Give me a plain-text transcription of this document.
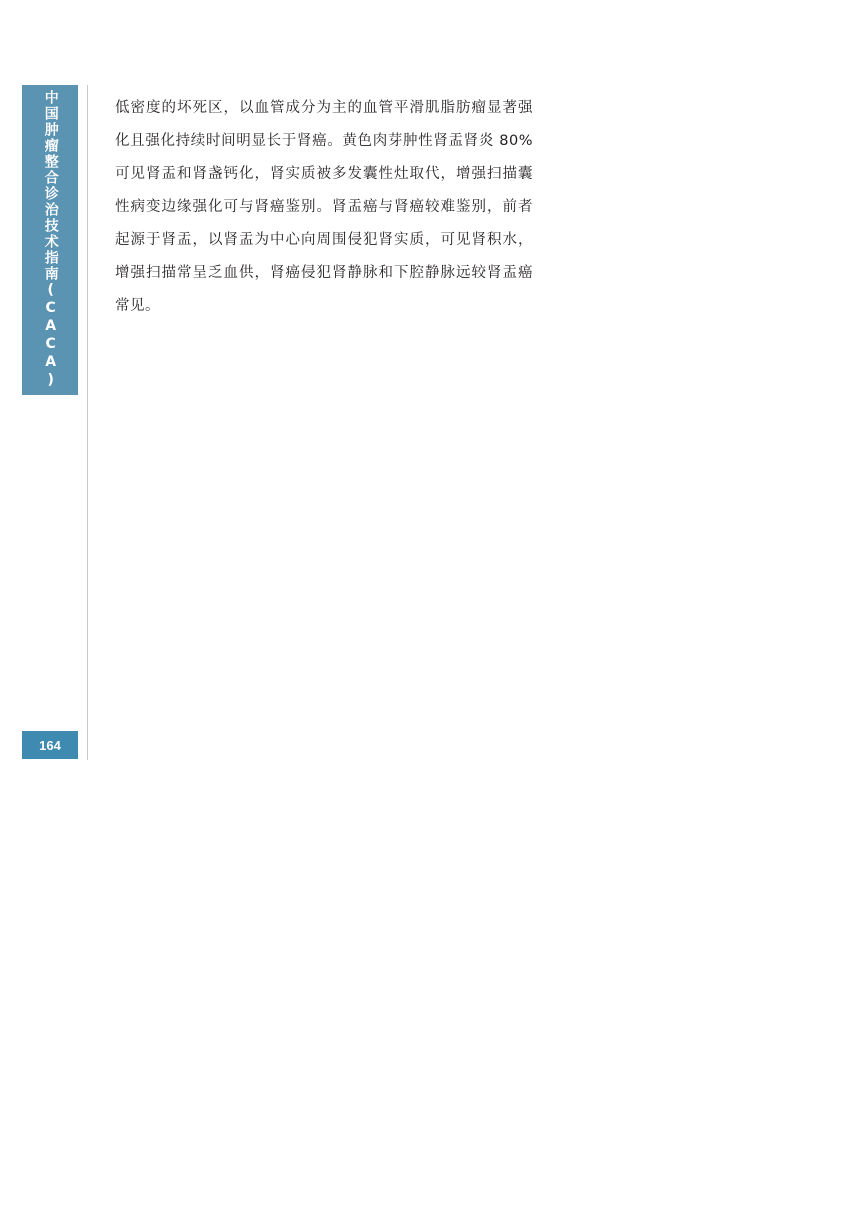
中国肿瘤整合诊治技术指南(CACA)
164

低密度的坏死区，以血管成分为主的血管平滑肌脂肪瘤显著强化且强化持续时间明显长于肾癌。黄色肉芽肿性肾盂肾炎 80% 可见肾盂和肾盏钙化，肾实质被多发囊性灶取代，增强扫描囊性病变边缘强化可与肾癌鉴别。肾盂癌与肾癌较难鉴别，前者起源于肾盂，以肾盂为中心向周围侵犯肾实质，可见肾积水，增强扫描常呈乏血供，肾癌侵犯肾静脉和下腔静脉远较肾盂癌常见。
